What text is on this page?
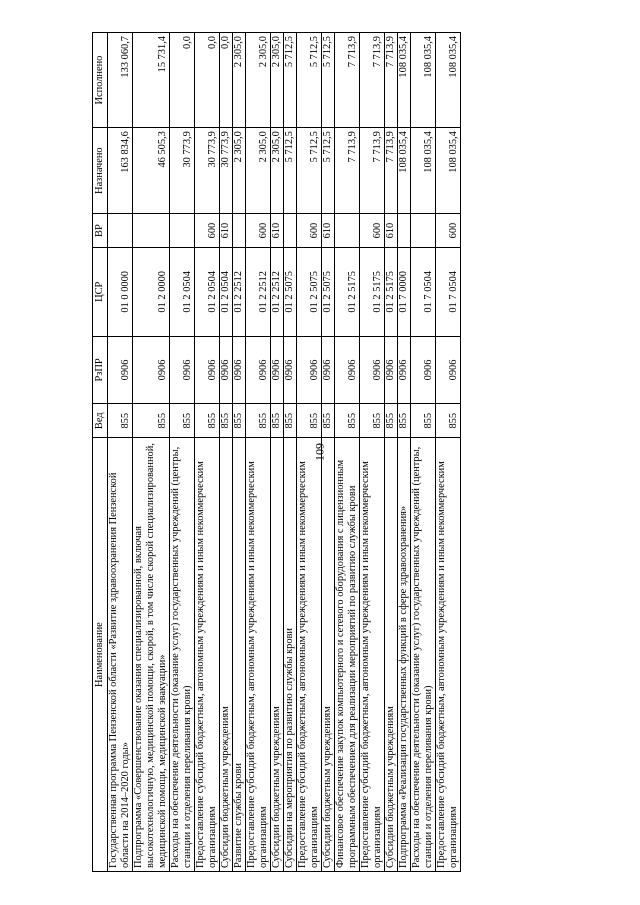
109
Наименование	Вед	РзПР	ЦСР	ВР	Назначено	Исполнено
Государственная программа Пензенской области «Развитие здравоохранения Пензенской области на 2014–2020 годы»	855	0906	01 0 0000		163 834,6	133 060,7
Подпрограмма «Совершенствование оказания специализированной, включая высокотехнологичную, медицинской помощи, скорой, в том числе скорой специализированной, медицинской помощи, медицинской эвакуации»	855	0906	01 2 0000		46 505,3	15 731,4
Расходы на обеспечение деятельности (оказание услуг) государственных учреждений (центры, станции и отделения переливания крови)	855	0906	01 2 0504		30 773,9	0,0
Предоставление субсидий бюджетным, автономным учреждениям и иным некоммерческим организациям	855	0906	01 2 0504	600	30 773,9	0,0
Субсидии бюджетным учреждениям	855	0906	01 2 0504	610	30 773,9	0,0
Развитие службы крови	855	0906	01 2 2512		2 305,0	2 305,0
Предоставление субсидий бюджетным, автономным учреждениям и иным некоммерческим организациям	855	0906	01 2 2512	600	2 305,0	2 305,0
Субсидии бюджетным учреждениям	855	0906	01 2 2512	610	2 305,0	2 305,0
Субсидии на мероприятия по развитию службы крови	855	0906	01 2 5075		5 712,5	5 712,5
Предоставление субсидий бюджетным, автономным учреждениям и иным некоммерческим организациям	855	0906	01 2 5075	600	5 712,5	5 712,5
Субсидии бюджетным учреждениям	855	0906	01 2 5075	610	5 712,5	5 712,5
Финансовое обеспечение закупок компьютерного и сетевого оборудования с лицензионным программным обеспечением для реализации мероприятий по развитию службы крови	855	0906	01 2 5175		7 713,9	7 713,9
Предоставление субсидий бюджетным, автономным учреждениям и иным некоммерческим организациям	855	0906	01 2 5175	600	7 713,9	7 713,9
Субсидии бюджетным учреждениям	855	0906	01 2 5175	610	7 713,9	7 713,9
Подпрограмма «Реализация государственных функций в сфере здравоохранения»	855	0906	01 7 0000		108 035,4	108 035,4
Расходы на обеспечение деятельности (оказание услуг) государственных учреждений (центры, станции и отделения переливания крови)	855	0906	01 7 0504		108 035,4	108 035,4
Предоставление субсидий бюджетным, автономным учреждениям и иным некоммерческим организациям	855	0906	01 7 0504	600	108 035,4	108 035,4
